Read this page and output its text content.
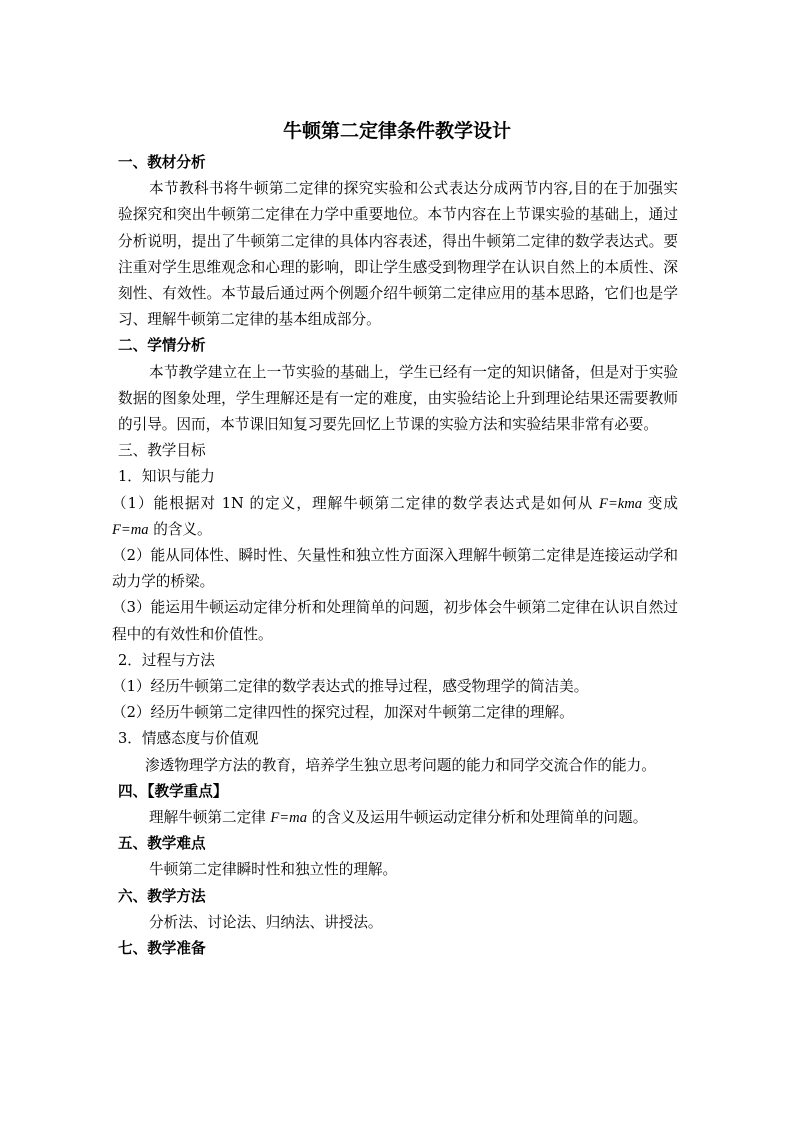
牛顿第二定律条件教学设计
一、教材分析
本节教科书将牛顿第二定律的探究实验和公式表达分成两节内容,目的在于加强实验探究和突出牛顿第二定律在力学中重要地位。本节内容在上节课实验的基础上，通过分析说明，提出了牛顿第二定律的具体内容表述，得出牛顿第二定律的数学表达式。要注重对学生思维观念和心理的影响，即让学生感受到物理学在认识自然上的本质性、深刻性、有效性。本节最后通过两个例题介绍牛顿第二定律应用的基本思路，它们也是学习、理解牛顿第二定律的基本组成部分。
二、学情分析
本节教学建立在上一节实验的基础上，学生已经有一定的知识储备，但是对于实验数据的图象处理，学生理解还是有一定的难度，由实验结论上升到理论结果还需要教师的引导。因而，本节课旧知复习要先回忆上节课的实验方法和实验结果非常有必要。
三、教学目标
1．知识与能力
（1）能根据对 1N 的定义，理解牛顿第二定律的数学表达式是如何从 F=kma 变成F=ma 的含义。
（2）能从同体性、瞬时性、矢量性和独立性方面深入理解牛顿第二定律是连接运动学和动力学的桥梁。
（3）能运用牛顿运动定律分析和处理简单的问题，初步体会牛顿第二定律在认识自然过程中的有效性和价值性。
2．过程与方法
（1）经历牛顿第二定律的数学表达式的推导过程，感受物理学的简洁美。
（2）经历牛顿第二定律四性的探究过程，加深对牛顿第二定律的理解。
3．情感态度与价值观
渗透物理学方法的教育，培养学生独立思考问题的能力和同学交流合作的能力。
四、【教学重点】
理解牛顿第二定律 F=ma 的含义及运用牛顿运动定律分析和处理简单的问题。
五、教学难点
牛顿第二定律瞬时性和独立性的理解。
六、教学方法
分析法、讨论法、归纳法、讲授法。
七、教学准备
